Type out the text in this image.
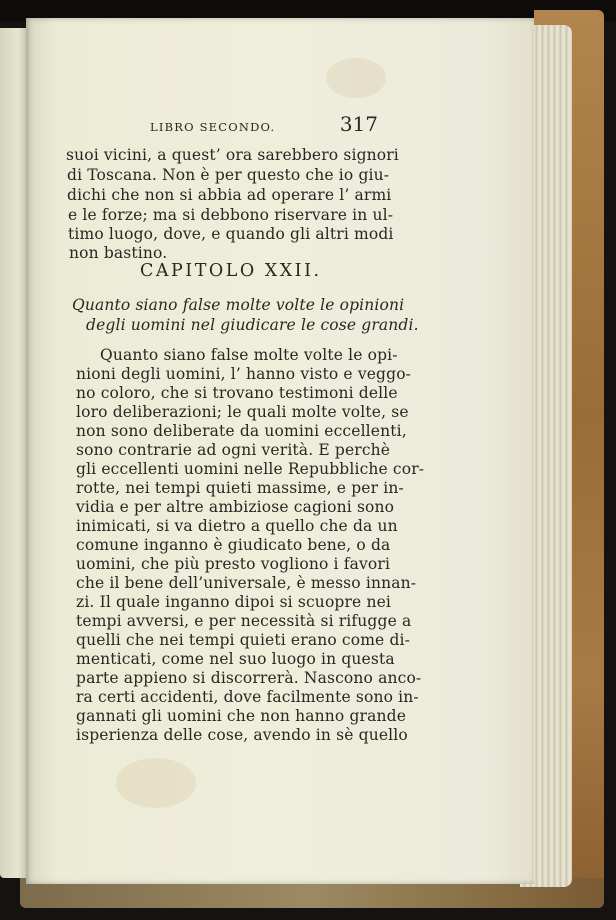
LIBRO SECONDO.	317
suoi vicini, a quest’ ora sarebbero signori
di Toscana. Non è per questo che io giu-
dichi che non si abbia ad operare l’ armi
e le forze; ma si debbono riservare in ul-
timo luogo, dove, e quando gli altri modi
non bastino.
CAPITOLO XXII.
Quanto siano false molte volte le opinioni
degli uomini nel giudicare le cose grandi.
Quanto siano false molte volte le opi-
nioni degli uomini, l’ hanno visto e veggo-
no coloro, che si trovano testimoni delle
loro deliberazioni; le quali molte volte, se
non sono deliberate da uomini eccellenti,
sono contrarie ad ogni verità. E perchè
gli eccellenti uomini nelle Repubbliche cor-
rotte, nei tempi quieti massime, e per in-
vidia e per altre ambiziose cagioni sono
inimicati, si va dietro a quello che da un
comune inganno è giudicato bene, o da
uomini, che più presto vogliono i favori
che il bene dell’universale, è messo innan-
zi. Il quale inganno dipoi si scuopre nei
tempi avversi, e per necessità si rifugge a
quelli che nei tempi quieti erano come di-
menticati, come nel suo luogo in questa
parte appieno si discorrerà. Nascono anco-
ra certi accidenti, dove facilmente sono in-
gannati gli uomini che non hanno grande
isperienza delle cose, avendo in sè quello
